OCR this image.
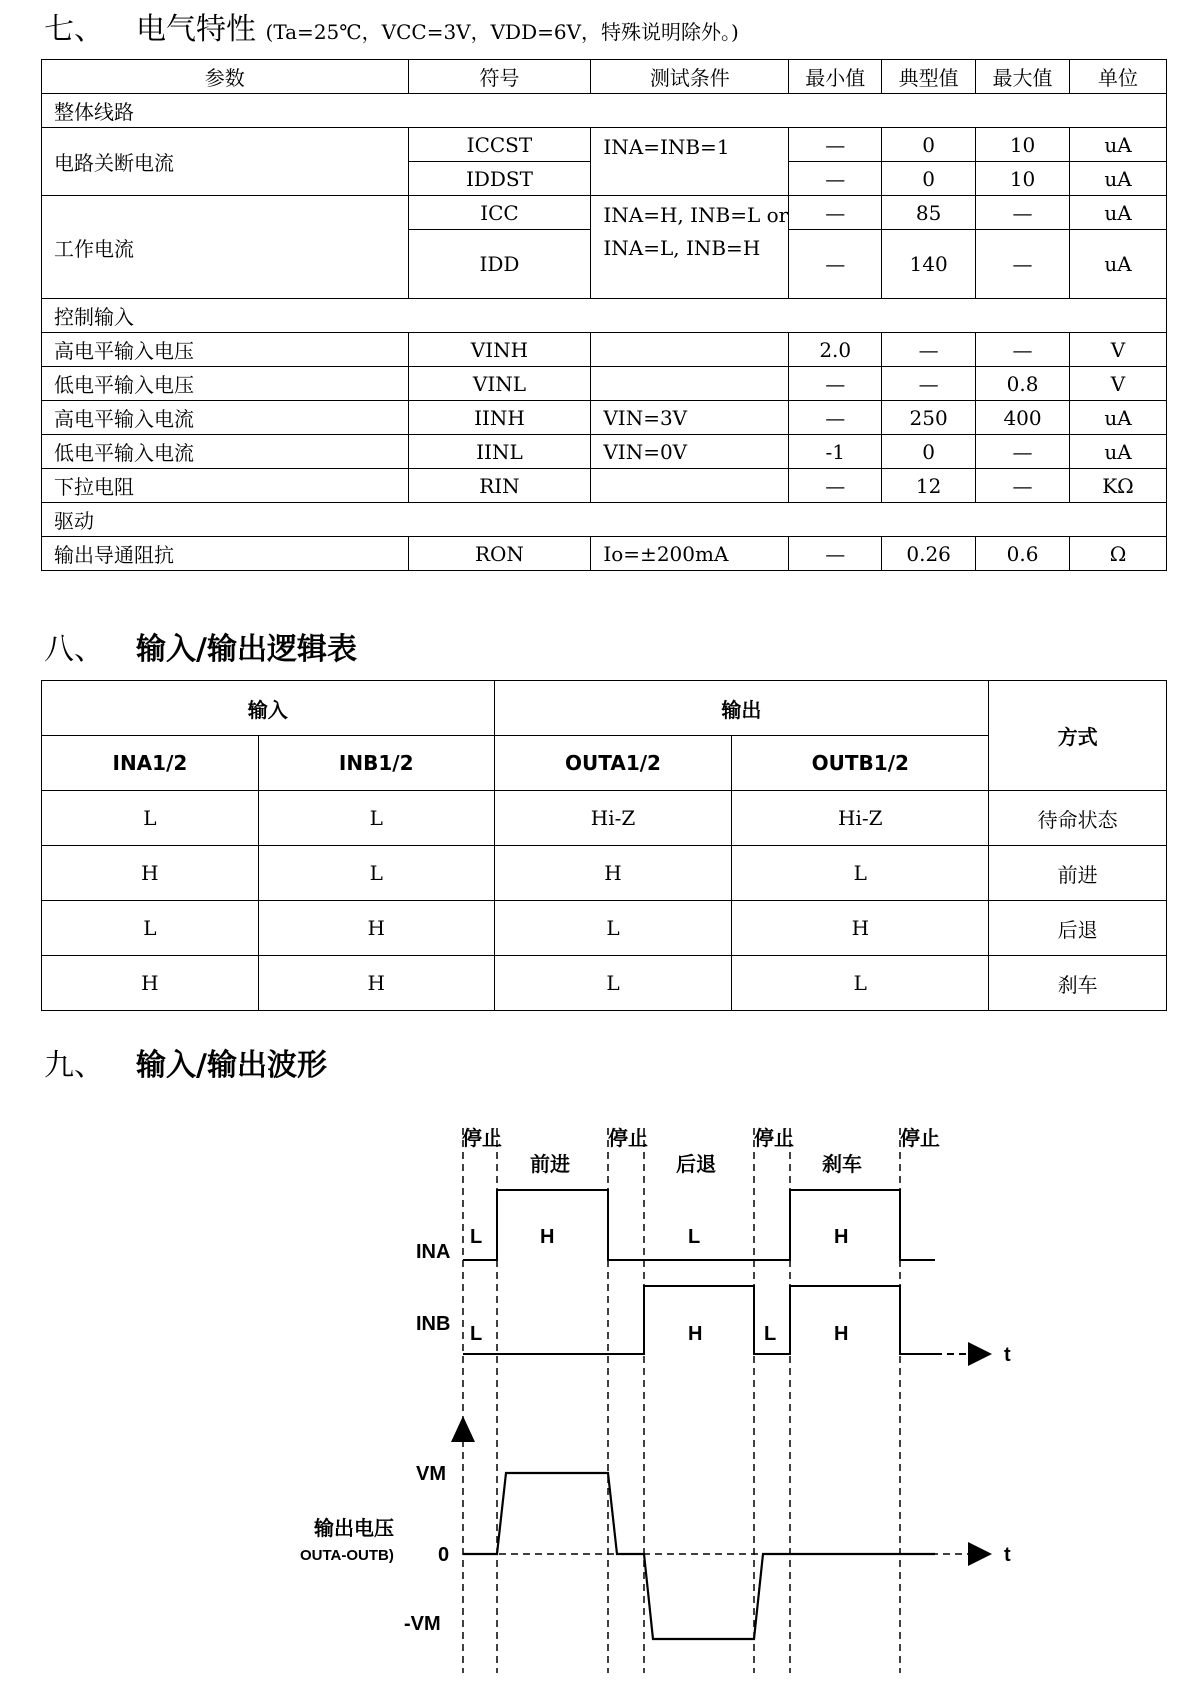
七、 电气特性 (Ta=25℃，VCC=3V，VDD=6V，特殊说明除外。)
参数	符号	测试条件	最小值	典型值	最大值	单位
整体线路						
电路关断电流	ICCST	INA=INB=1	—	0	10	uA
	IDDST		—	0	10	uA
工作电流	ICC	INA=H, INB=L or
INA=L, INB=H	—	85	—	uA
	IDD		—	140	—	uA
控制输入						
高电平输入电压	VINH		2.0	—	—	V
低电平输入电压	VINL		—	—	0.8	V
高电平输入电流	IINH	VIN=3V	—	250	400	uA
低电平输入电流	IINL	VIN=0V	-1	0	—	uA
下拉电阻	RIN		—	12	—	KΩ
驱动						
输出导通阻抗	RON	Io=±200mA	—	0.26	0.6	Ω
八、 输入/输出逻辑表
输入		输出		方式
INA1/2	INB1/2	OUTA1/2	OUTB1/2	
L	L	Hi-Z	Hi-Z	待命状态
H	L	H	L	前进
L	H	L	H	后退
H	H	L	L	刹车
九、 输入/输出波形
停止
前进
停止
后退
停止
刹车
停止
INA
L	H	L	H
INB
t
L	H	L	H
VM
0
-VM
输出电压
OUTA-OUTB)	t
